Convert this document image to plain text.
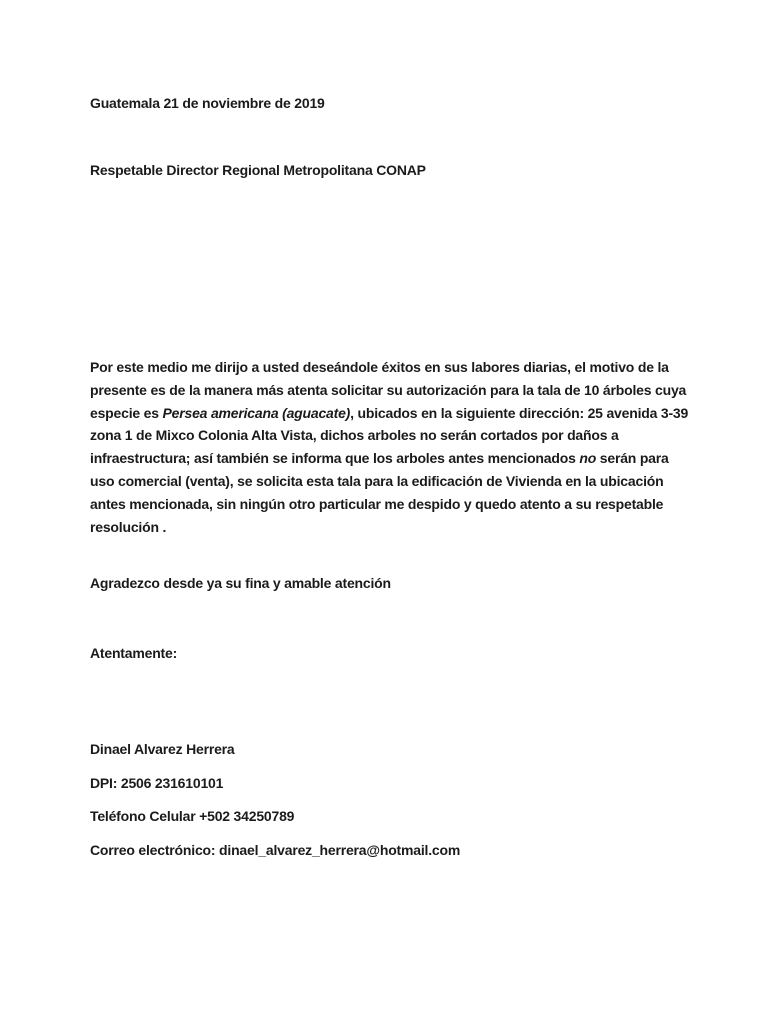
Guatemala 21 de noviembre de 2019
Respetable Director Regional Metropolitana CONAP
Por este medio me dirijo a usted deseándole éxitos en sus labores diarias, el motivo de la presente es de la manera más atenta solicitar su autorización para la tala de 10 árboles cuya especie es Persea americana (aguacate), ubicados en la siguiente dirección: 25 avenida 3-39 zona 1 de Mixco Colonia Alta Vista, dichos arboles no serán cortados por daños a infraestructura; así también se informa que los arboles antes mencionados no serán para uso comercial (venta), se solicita esta tala para la edificación de Vivienda en la ubicación antes mencionada, sin ningún otro particular me despido y quedo atento a su respetable resolución .
Agradezco desde ya su fina y amable atención
Atentamente:
Dinael Alvarez Herrera
DPI: 2506 231610101
Teléfono Celular +502 34250789
Correo electrónico: dinael_alvarez_herrera@hotmail.com
